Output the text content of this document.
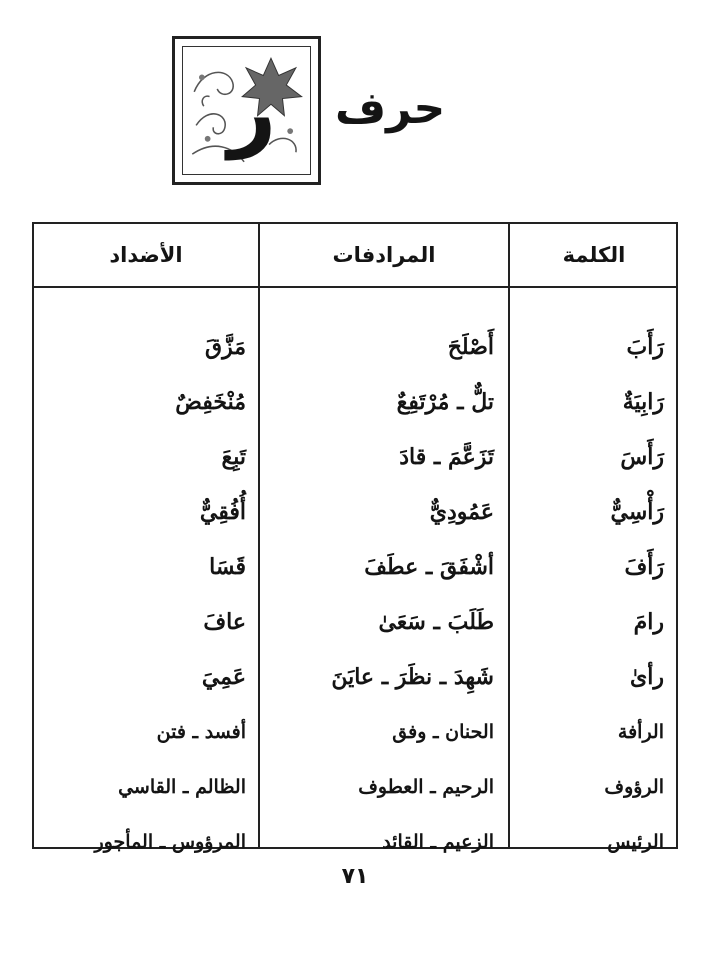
حرف
ر
الكلمة
المرادفات
الأضداد
رَأَبَ
أَصْلَحَ
مَزَّقَ
رَابِيَةٌ
تلٌّ ـ مُرْتَفِعٌ
مُنْخَفِضٌ
رَأَسَ
تَزَعَّمَ ـ قادَ
تَبِعَ
رَأْسِيٌّ
عَمُودِيٌّ
أُفُقِيٌّ
رَأَفَ
أشْفَقَ ـ عطَفَ
قَسَا
رامَ
طَلَبَ ـ سَعَىٰ
عافَ
رأىٰ
شَهِدَ ـ نظَرَ ـ عايَنَ
عَمِيَ
الرأفة
الحنان ـ وفق
أفسد ـ فتن
الرؤوف
الرحيم ـ العطوف
الظالم ـ القاسي
الرئيس
الزعيم ـ القائد
المرؤوس ـ المأجور
٧١
